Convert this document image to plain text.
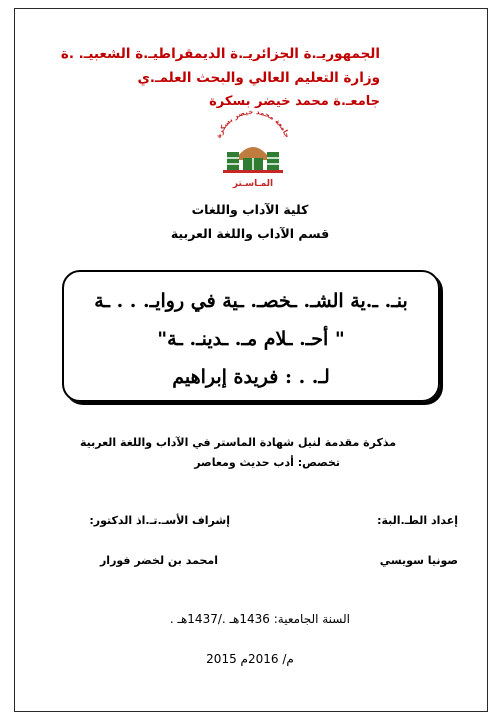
الجمهوريـ.ة الجزائريـ.ة الديمقراطيـ.ة الشعبيـ. .ة
وزارة التعليم العالي والبحث العلمـ.ي
جامعـ.ة محمد خيضر بسكرة
جامعة محمد خيضر بسكرة
المـاسـتر
كلية الآداب واللغات
قسم الآداب واللغة العربية
بنـ. ـ.ية الشـ. ـخصـ. ـية في روايـ. . . ـة
" أحـ. ـلام مـ. ـدينـ. ـة"
لـ. . : فريدة إبراهيم
مذكرة مقدمة لنيل شهادة الماستر في الآداب واللغة العربية
تخصص: أدب حديث ومعاصر
إعداد الطـ.البة:
إشراف الأسـ.تـ.اذ الدكتور:
صونيا سويسي
امحمد بن لخضر فورار
السنة الجامعية: 1436هـ ./1437هـ .
2015 م/ 2016م
